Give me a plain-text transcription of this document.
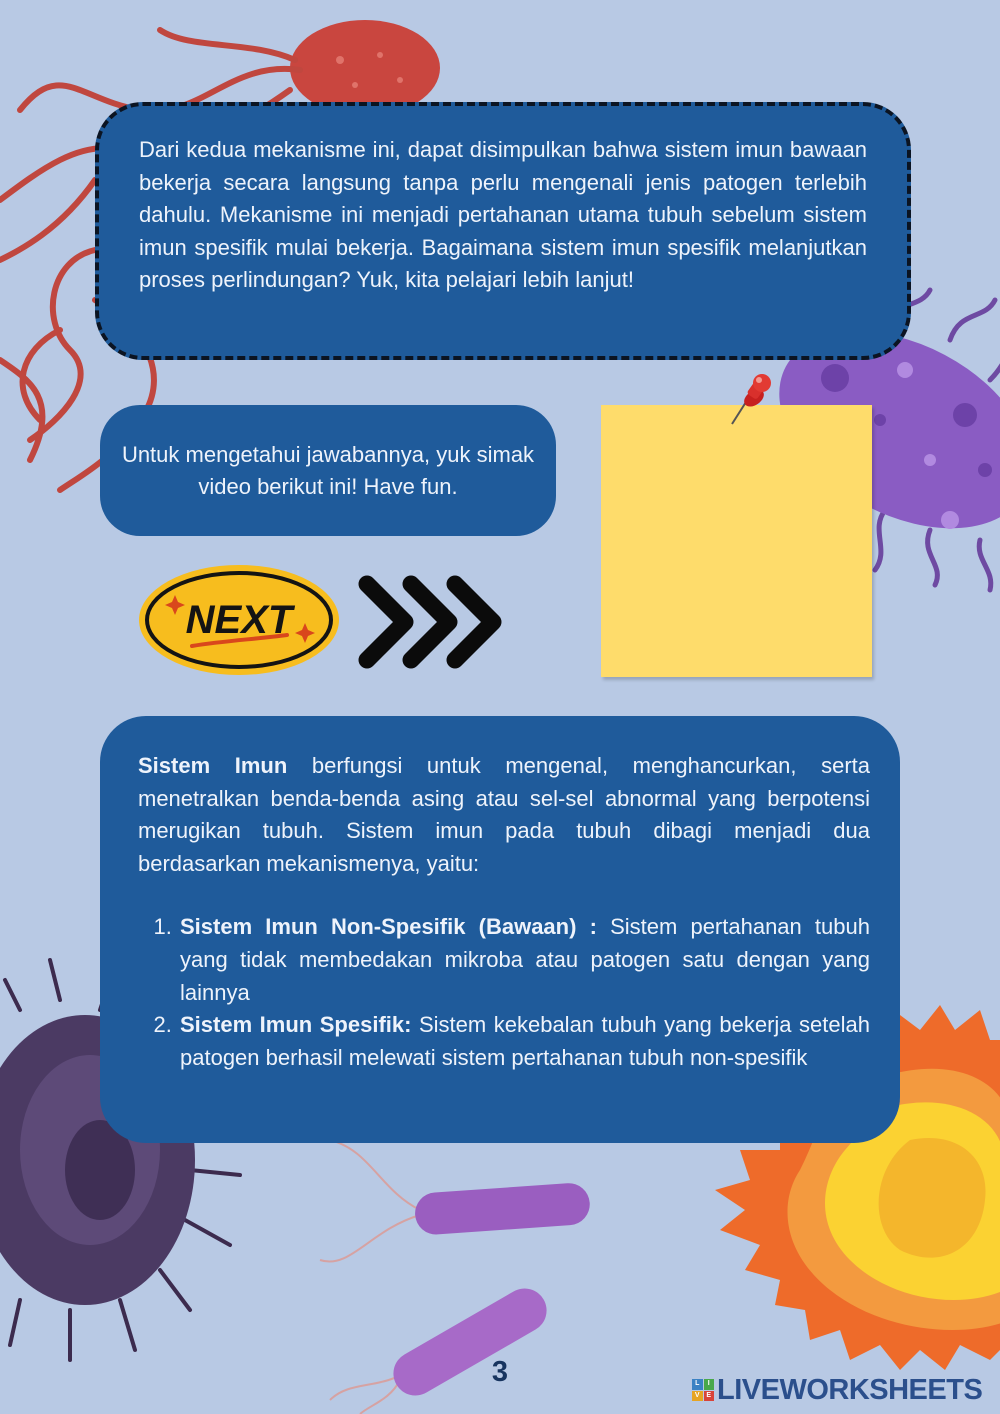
Dari kedua mekanisme ini, dapat disimpulkan bahwa sistem imun bawaan bekerja secara langsung tanpa perlu mengenali jenis patogen terlebih dahulu. Mekanisme ini menjadi pertahanan utama tubuh sebelum sistem imun spesifik mulai bekerja. Bagaimana sistem imun spesifik melanjutkan proses perlindungan? Yuk, kita pelajari lebih lanjut!
Untuk mengetahui jawabannya, yuk simak video berikut ini! Have fun.
NEXT

Sistem Imun berfungsi untuk mengenal, menghancurkan, serta menetralkan benda-benda asing atau sel-sel abnormal yang berpotensi merugikan tubuh. Sistem imun pada tubuh dibagi menjadi dua berdasarkan mekanismenya, yaitu:

1. Sistem Imun Non-Spesifik (Bawaan) : Sistem pertahanan tubuh yang tidak membedakan mikroba atau patogen satu dengan yang lainnya
2. Sistem Imun Spesifik: Sistem kekebalan tubuh yang bekerja setelah patogen berhasil melewati sistem pertahanan tubuh non-spesifik
3	L	I
V E LIVEWORKSHEETS
